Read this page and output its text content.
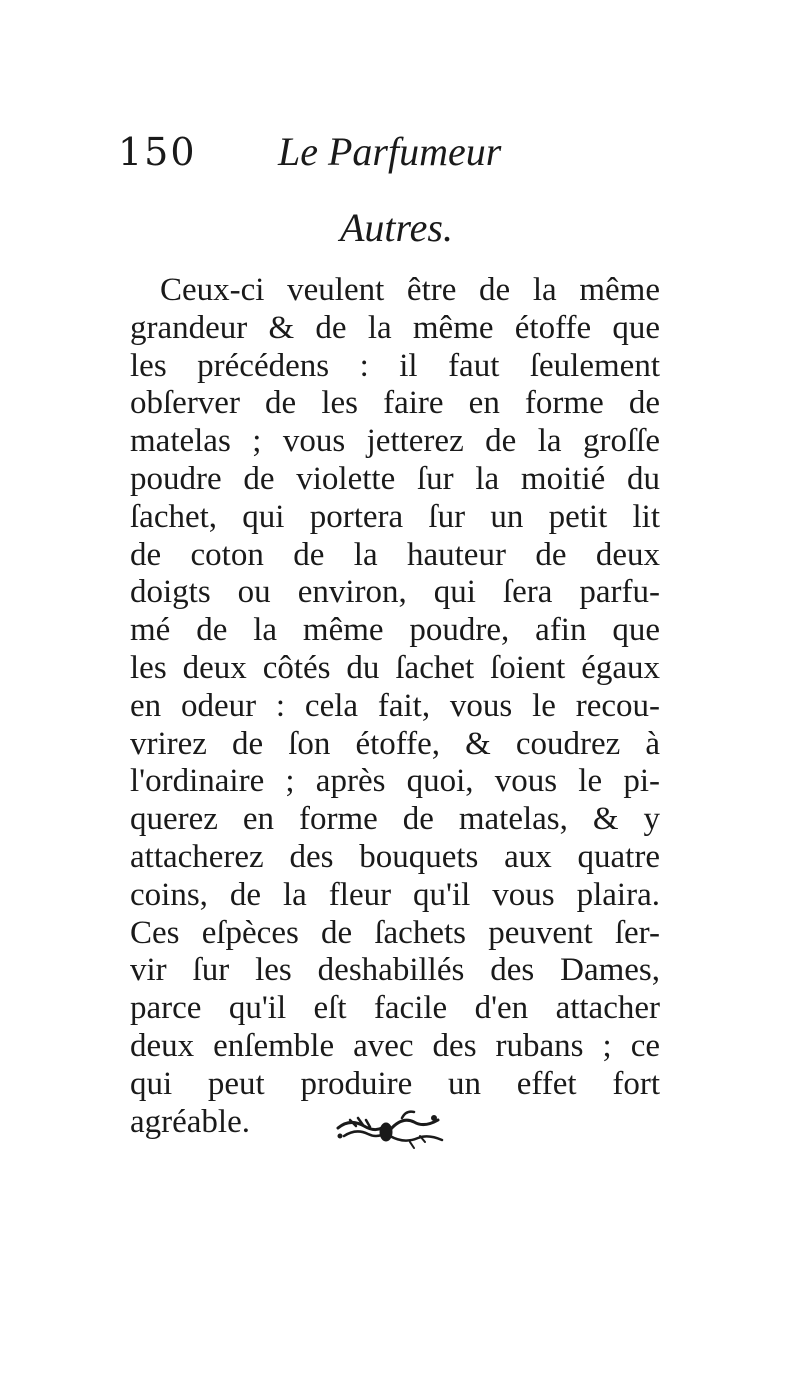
150 Le Parfumeur
Autres.
Ceux-ci veulent être de la même
grandeur & de la même étoffe que
les précédens : il faut ſeulement
obſerver de les faire en forme de
matelas ; vous jetterez de la groſſe
poudre de violette ſur la moitié du
ſachet, qui portera ſur un petit lit
de coton de la hauteur de deux
doigts ou environ, qui ſera parfu-
mé de la même poudre, afin que
les deux côtés du ſachet ſoient égaux
en odeur : cela fait, vous le recou-
vrirez de ſon étoffe, & coudrez à
l'ordinaire ; après quoi, vous le pi-
querez en forme de matelas, & y
attacherez des bouquets aux quatre
coins, de la fleur qu'il vous plaira.
Ces eſpèces de ſachets peuvent ſer-
vir ſur les deshabillés des Dames,
parce qu'il eſt facile d'en attacher
deux enſemble avec des rubans ; ce
qui peut produire un effet fort
agréable.
